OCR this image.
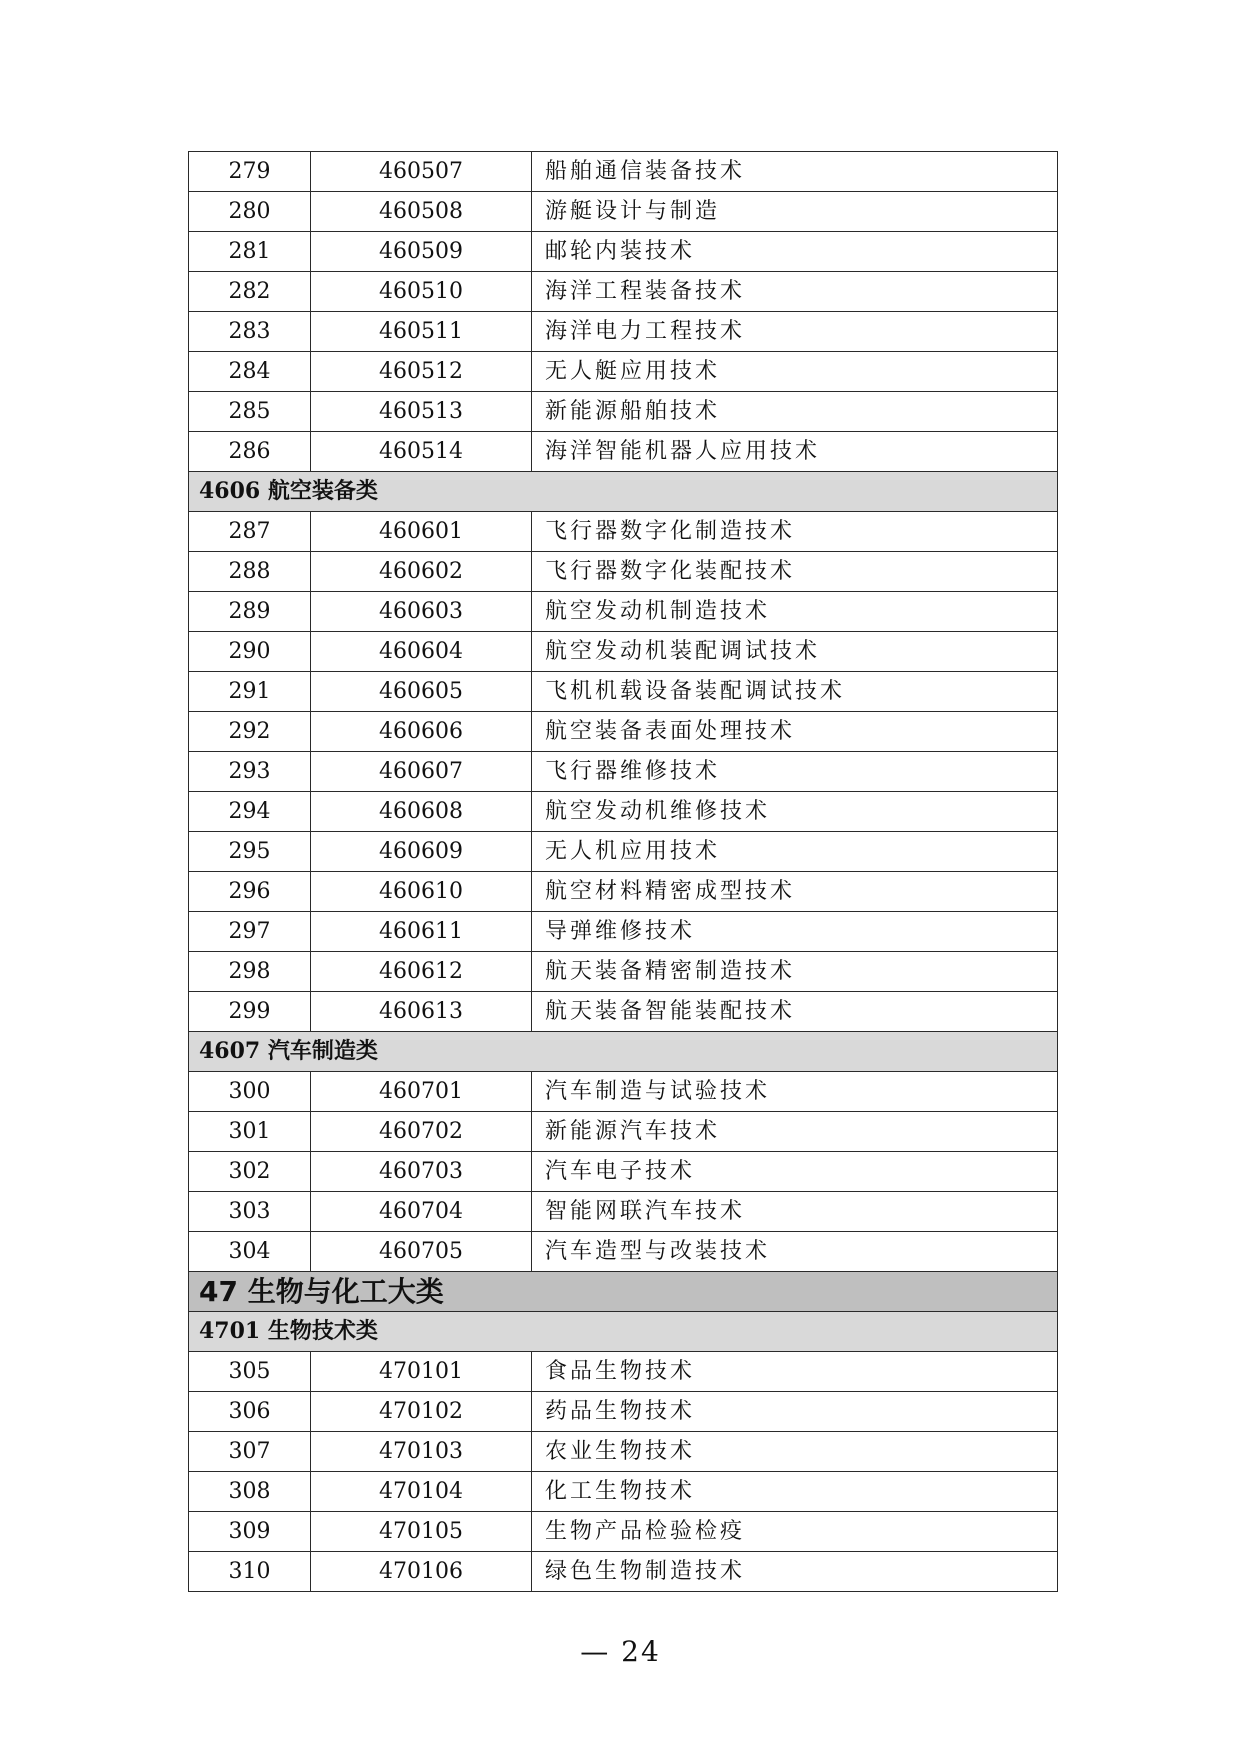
279	460507	船舶通信装备技术
280	460508	游艇设计与制造
281	460509	邮轮内装技术
282	460510	海洋工程装备技术
283	460511	海洋电力工程技术
284	460512	无人艇应用技术
285	460513	新能源船舶技术
286	460514	海洋智能机器人应用技术
4606 航空装备类		
287	460601	飞行器数字化制造技术
288	460602	飞行器数字化装配技术
289	460603	航空发动机制造技术
290	460604	航空发动机装配调试技术
291	460605	飞机机载设备装配调试技术
292	460606	航空装备表面处理技术
293	460607	飞行器维修技术
294	460608	航空发动机维修技术
295	460609	无人机应用技术
296	460610	航空材料精密成型技术
297	460611	导弹维修技术
298	460612	航天装备精密制造技术
299	460613	航天装备智能装配技术
4607 汽车制造类		
300	460701	汽车制造与试验技术
301	460702	新能源汽车技术
302	460703	汽车电子技术
303	460704	智能网联汽车技术
304	460705	汽车造型与改装技术
47 生物与化工大类		
4701 生物技术类		
305	470101	食品生物技术
306	470102	药品生物技术
307	470103	农业生物技术
308	470104	化工生物技术
309	470105	生物产品检验检疫
310	470106	绿色生物制造技术
— 24
